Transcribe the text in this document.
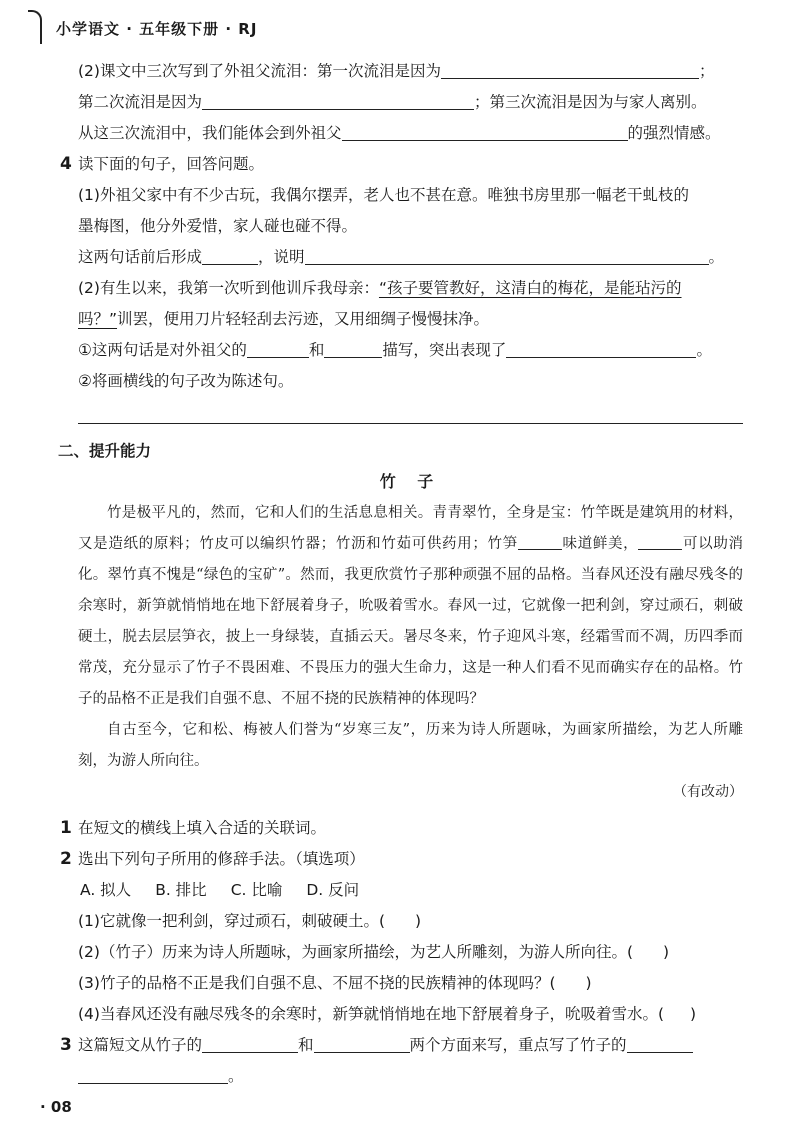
小学语文 · 五年级下册 · RJ
(2)课文中三次写到了外祖父流泪：第一次流泪是因为	；
第二次流泪是因为	；第三次流泪是因为与家人离别。
从这三次流泪中，我们能体会到外祖父	的强烈情感。
4 读下面的句子，回答问题。
(1)外祖父家中有不少古玩，我偶尔摆弄，老人也不甚在意。唯独书房里那一幅老干虬枝的
墨梅图，他分外爱惜，家人碰也碰不得。
这两句话前后形成	，说明	。
(2)有生以来，我第一次听到他训斥我母亲：“孩子要管教好，这清白的梅花，是能玷污的
吗？”训罢，便用刀片轻轻刮去污迹，又用细绸子慢慢抹净。
①这两句话是对外祖父的	和	描写，突出表现了	。
②将画横线的句子改为陈述句。
二、提升能力
竹 子

竹是极平凡的，然而，它和人们的生活息息相关。青青翠竹，全身是宝：竹竿既是建筑用的材料，又是造纸的原料；竹皮可以编织竹器；竹沥和竹茹可供药用；竹笋	味道鲜美，	可以助消化。翠竹真不愧是“绿色的宝矿”。然而，我更欣赏竹子那种顽强不屈的品格。当春风还没有融尽残冬的余寒时，新笋就悄悄地在地下舒展着身子，吮吸着雪水。春风一过，它就像一把利剑，穿过顽石，刺破硬土，脱去层层笋衣，披上一身绿装，直插云天。暑尽冬来，竹子迎风斗寒，经霜雪而不凋，历四季而常茂，充分显示了竹子不畏困难、不畏压力的强大生命力，这是一种人们看不见而确实存在的品格。竹子的品格不正是我们自强不息、不屈不挠的民族精神的体现吗？

自古至今，它和松、梅被人们誉为“岁寒三友”，历来为诗人所题咏，为画家所描绘，为艺人所雕刻，为游人所向往。

（有改动）
1 在短文的横线上填入合适的关联词。
2 选出下列句子所用的修辞手法。（填选项）
A. 拟人 B. 排比 C. 比喻 D. 反问
(1)它就像一把利剑，穿过顽石，刺破硬土。( )
(2)（竹子）历来为诗人所题咏，为画家所描绘，为艺人所雕刻，为游人所向往。( )
(3)竹子的品格不正是我们自强不息、不屈不挠的民族精神的体现吗？( )
(4)当春风还没有融尽残冬的余寒时，新笋就悄悄地在地下舒展着身子，吮吸着雪水。( )
3 这篇短文从竹子的	和	两个方面来写，重点写了竹子的
。
· 08
